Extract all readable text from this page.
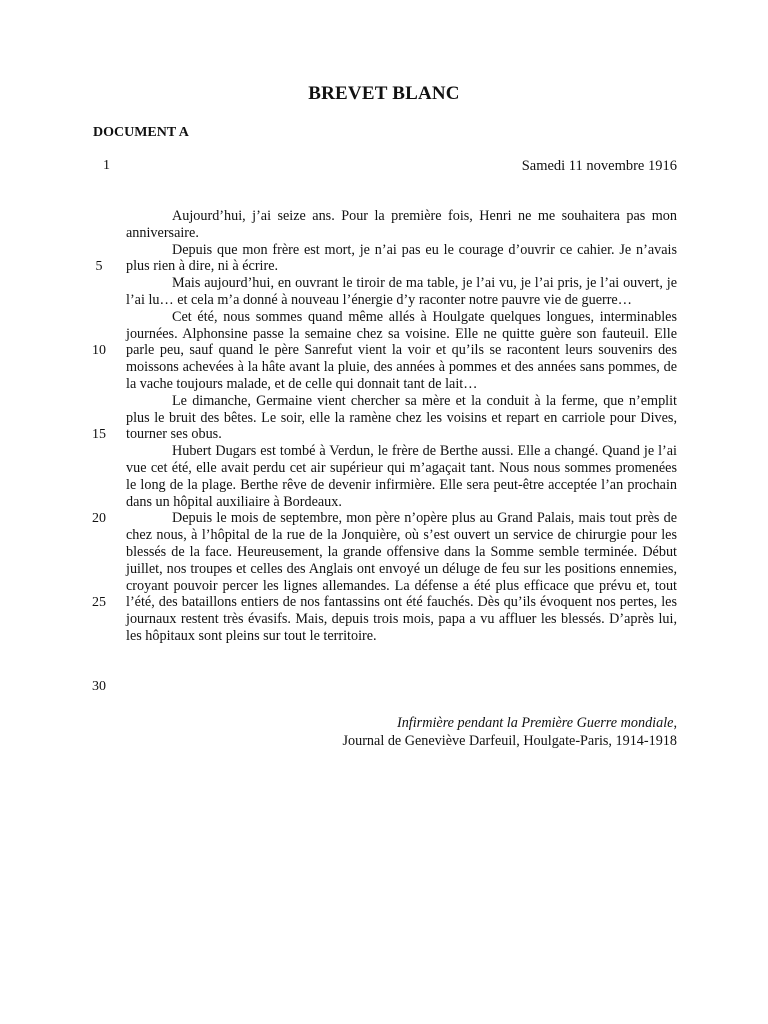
BREVET BLANC
DOCUMENT A
1	Samedi 11 novembre 1916
5
10
15
20
25
30

Aujourd’hui, j’ai seize ans. Pour la première fois, Henri ne me souhaitera pas mon anniversaire.

Depuis que mon frère est mort, je n’ai pas eu le courage d’ouvrir ce cahier. Je n’avais plus rien à dire, ni à écrire.

Mais aujourd’hui, en ouvrant le tiroir de ma table, je l’ai vu, je l’ai pris, je l’ai ouvert, je l’ai lu… et cela m’a donné à nouveau l’énergie d’y raconter notre pauvre vie de guerre…

Cet été, nous sommes quand même allés à Houlgate quelques longues, interminables journées. Alphonsine passe la semaine chez sa voisine. Elle ne quitte guère son fauteuil. Elle parle peu, sauf quand le père Sanrefut vient la voir et qu’ils se racontent leurs souvenirs des moissons achevées à la hâte avant la pluie, des années à pommes et des années sans pommes, de la vache toujours malade, et de celle qui donnait tant de lait…

Le dimanche, Germaine vient chercher sa mère et la conduit à la ferme, que n’emplit plus le bruit des bêtes. Le soir, elle la ramène chez les voisins et repart en carriole pour Dives, tourner ses obus.

Hubert Dugars est tombé à Verdun, le frère de Berthe aussi. Elle a changé. Quand je l’ai vue cet été, elle avait perdu cet air supérieur qui m’agaçait tant. Nous nous sommes promenées le long de la plage. Berthe rêve de devenir infirmière. Elle sera peut-être acceptée l’an prochain dans un hôpital auxiliaire à Bordeaux.

Depuis le mois de septembre, mon père n’opère plus au Grand Palais, mais tout près de chez nous, à l’hôpital de la rue de la Jonquière, où s’est ouvert un service de chirurgie pour les blessés de la face. Heureusement, la grande offensive dans la Somme semble terminée. Début juillet, nos troupes et celles des Anglais ont envoyé un déluge de feu sur les positions ennemies, croyant pouvoir percer les lignes allemandes. La défense a été plus efficace que prévu et, tout l’été, des bataillons entiers de nos fantassins ont été fauchés. Dès qu’ils évoquent nos pertes, les journaux restent très évasifs. Mais, depuis trois mois, papa a vu affluer les blessés. D’après lui, les hôpitaux sont pleins sur tout le territoire.

Infirmière pendant la Première Guerre mondiale,
Journal de Geneviève Darfeuil, Houlgate-Paris, 1914-1918
